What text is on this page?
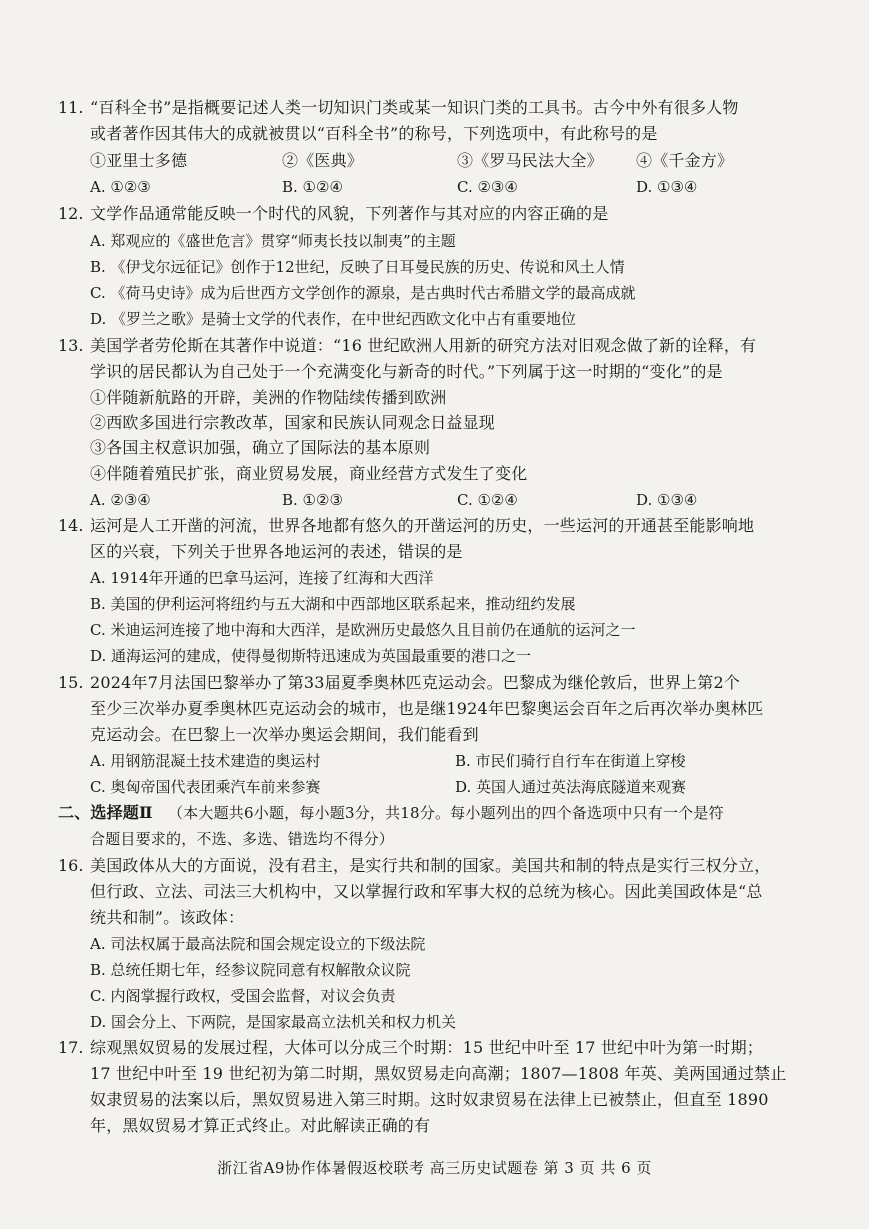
11. “百科全书”是指概要记述人类一切知识门类或某一知识门类的工具书。古今中外有很多人物
或者著作因其伟大的成就被贯以“百科全书”的称号，下列选项中，有此称号的是
①亚里士多德	②《医典》	③《罗马民法大全》 ④《千金方》
A. ①②③	B. ①②④	C. ②③④	D. ①③④
12. 文学作品通常能反映一个时代的风貌，下列著作与其对应的内容正确的是
A. 郑观应的《盛世危言》贯穿“师夷长技以制夷”的主题
B. 《伊戈尔远征记》创作于12世纪，反映了日耳曼民族的历史、传说和风土人情
C. 《荷马史诗》成为后世西方文学创作的源泉，是古典时代古希腊文学的最高成就
D. 《罗兰之歌》是骑士文学的代表作，在中世纪西欧文化中占有重要地位
13. 美国学者劳伦斯在其著作中说道：“16 世纪欧洲人用新的研究方法对旧观念做了新的诠释，有
学识的居民都认为自己处于一个充满变化与新奇的时代。”下列属于这一时期的“变化”的是
①伴随新航路的开辟，美洲的作物陆续传播到欧洲
②西欧多国进行宗教改革，国家和民族认同观念日益显现
③各国主权意识加强，确立了国际法的基本原则
④伴随着殖民扩张，商业贸易发展，商业经营方式发生了变化
A. ②③④	B. ①②③	C. ①②④	D. ①③④
14. 运河是人工开凿的河流，世界各地都有悠久的开凿运河的历史，一些运河的开通甚至能影响地
区的兴衰，下列关于世界各地运河的表述，错误的是
A. 1914年开通的巴拿马运河，连接了红海和大西洋
B. 美国的伊利运河将纽约与五大湖和中西部地区联系起来，推动纽约发展
C. 米迪运河连接了地中海和大西洋，是欧洲历史最悠久且目前仍在通航的运河之一
D. 通海运河的建成，使得曼彻斯特迅速成为英国最重要的港口之一
15. 2024年7月法国巴黎举办了第33届夏季奥林匹克运动会。巴黎成为继伦敦后，世界上第2个
至少三次举办夏季奥林匹克运动会的城市，也是继1924年巴黎奥运会百年之后再次举办奥林匹
克运动会。在巴黎上一次举办奥运会期间，我们能看到
A. 用钢筋混凝土技术建造的奥运村	B. 市民们骑行自行车在街道上穿梭
C. 奥匈帝国代表团乘汽车前来参赛	D. 英国人通过英法海底隧道来观赛
二、选择题Ⅱ （本大题共6小题，每小题3分，共18分。每小题列出的四个备选项中只有一个是符
合题目要求的，不选、多选、错选均不得分）
16. 美国政体从大的方面说，没有君主，是实行共和制的国家。美国共和制的特点是实行三权分立，
但行政、立法、司法三大机构中，又以掌握行政和军事大权的总统为核心。因此美国政体是“总
统共和制”。该政体：
A. 司法权属于最高法院和国会规定设立的下级法院
B. 总统任期七年，经参议院同意有权解散众议院
C. 内阁掌握行政权，受国会监督，对议会负责
D. 国会分上、下两院，是国家最高立法机关和权力机关
17. 综观黑奴贸易的发展过程，大体可以分成三个时期：15 世纪中叶至 17 世纪中叶为第一时期；
17 世纪中叶至 19 世纪初为第二时期，黑奴贸易走向高潮；1807—1808 年英、美两国通过禁止
奴隶贸易的法案以后，黑奴贸易进入第三时期。这时奴隶贸易在法律上已被禁止，但直至 1890
年，黑奴贸易才算正式终止。对此解读正确的有
浙江省A9协作体暑假返校联考 高三历史试题卷 第 3 页 共 6 页
